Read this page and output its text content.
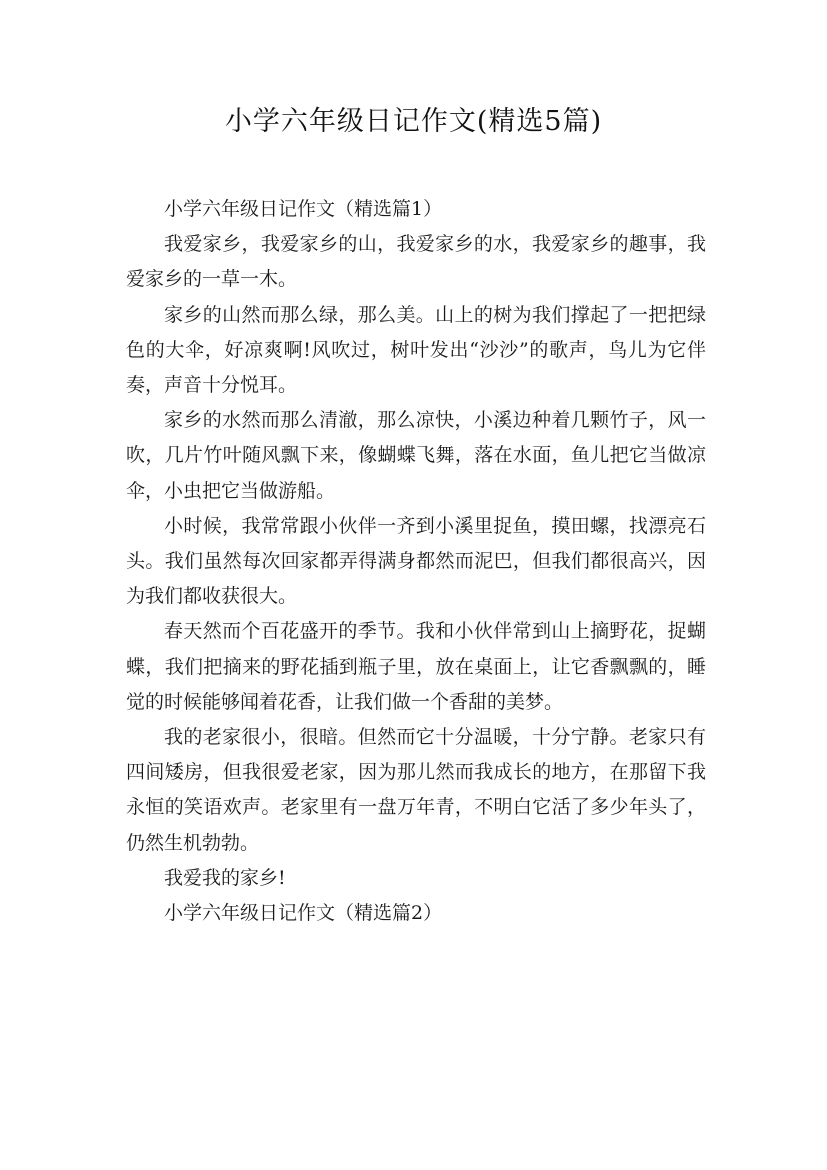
小学六年级日记作文(精选5篇)

小学六年级日记作文（精选篇1）

我爱家乡，我爱家乡的山，我爱家乡的水，我爱家乡的趣事，我爱家乡的一草一木。

家乡的山然而那么绿，那么美。山上的树为我们撑起了一把把绿色的大伞，好凉爽啊!风吹过，树叶发出“沙沙”的歌声，鸟儿为它伴奏，声音十分悦耳。

家乡的水然而那么清澈，那么凉快，小溪边种着几颗竹子，风一吹，几片竹叶随风飘下来，像蝴蝶飞舞，落在水面，鱼儿把它当做凉伞，小虫把它当做游船。

小时候，我常常跟小伙伴一齐到小溪里捉鱼，摸田螺，找漂亮石头。我们虽然每次回家都弄得满身都然而泥巴，但我们都很高兴，因为我们都收获很大。

春天然而个百花盛开的季节。我和小伙伴常到山上摘野花，捉蝴蝶，我们把摘来的野花插到瓶子里，放在桌面上，让它香飘飘的，睡觉的时候能够闻着花香，让我们做一个香甜的美梦。

我的老家很小，很暗。但然而它十分温暖，十分宁静。老家只有四间矮房，但我很爱老家，因为那儿然而我成长的地方，在那留下我永恒的笑语欢声。老家里有一盘万年青，不明白它活了多少年头了，仍然生机勃勃。

我爱我的家乡!

小学六年级日记作文（精选篇2）
